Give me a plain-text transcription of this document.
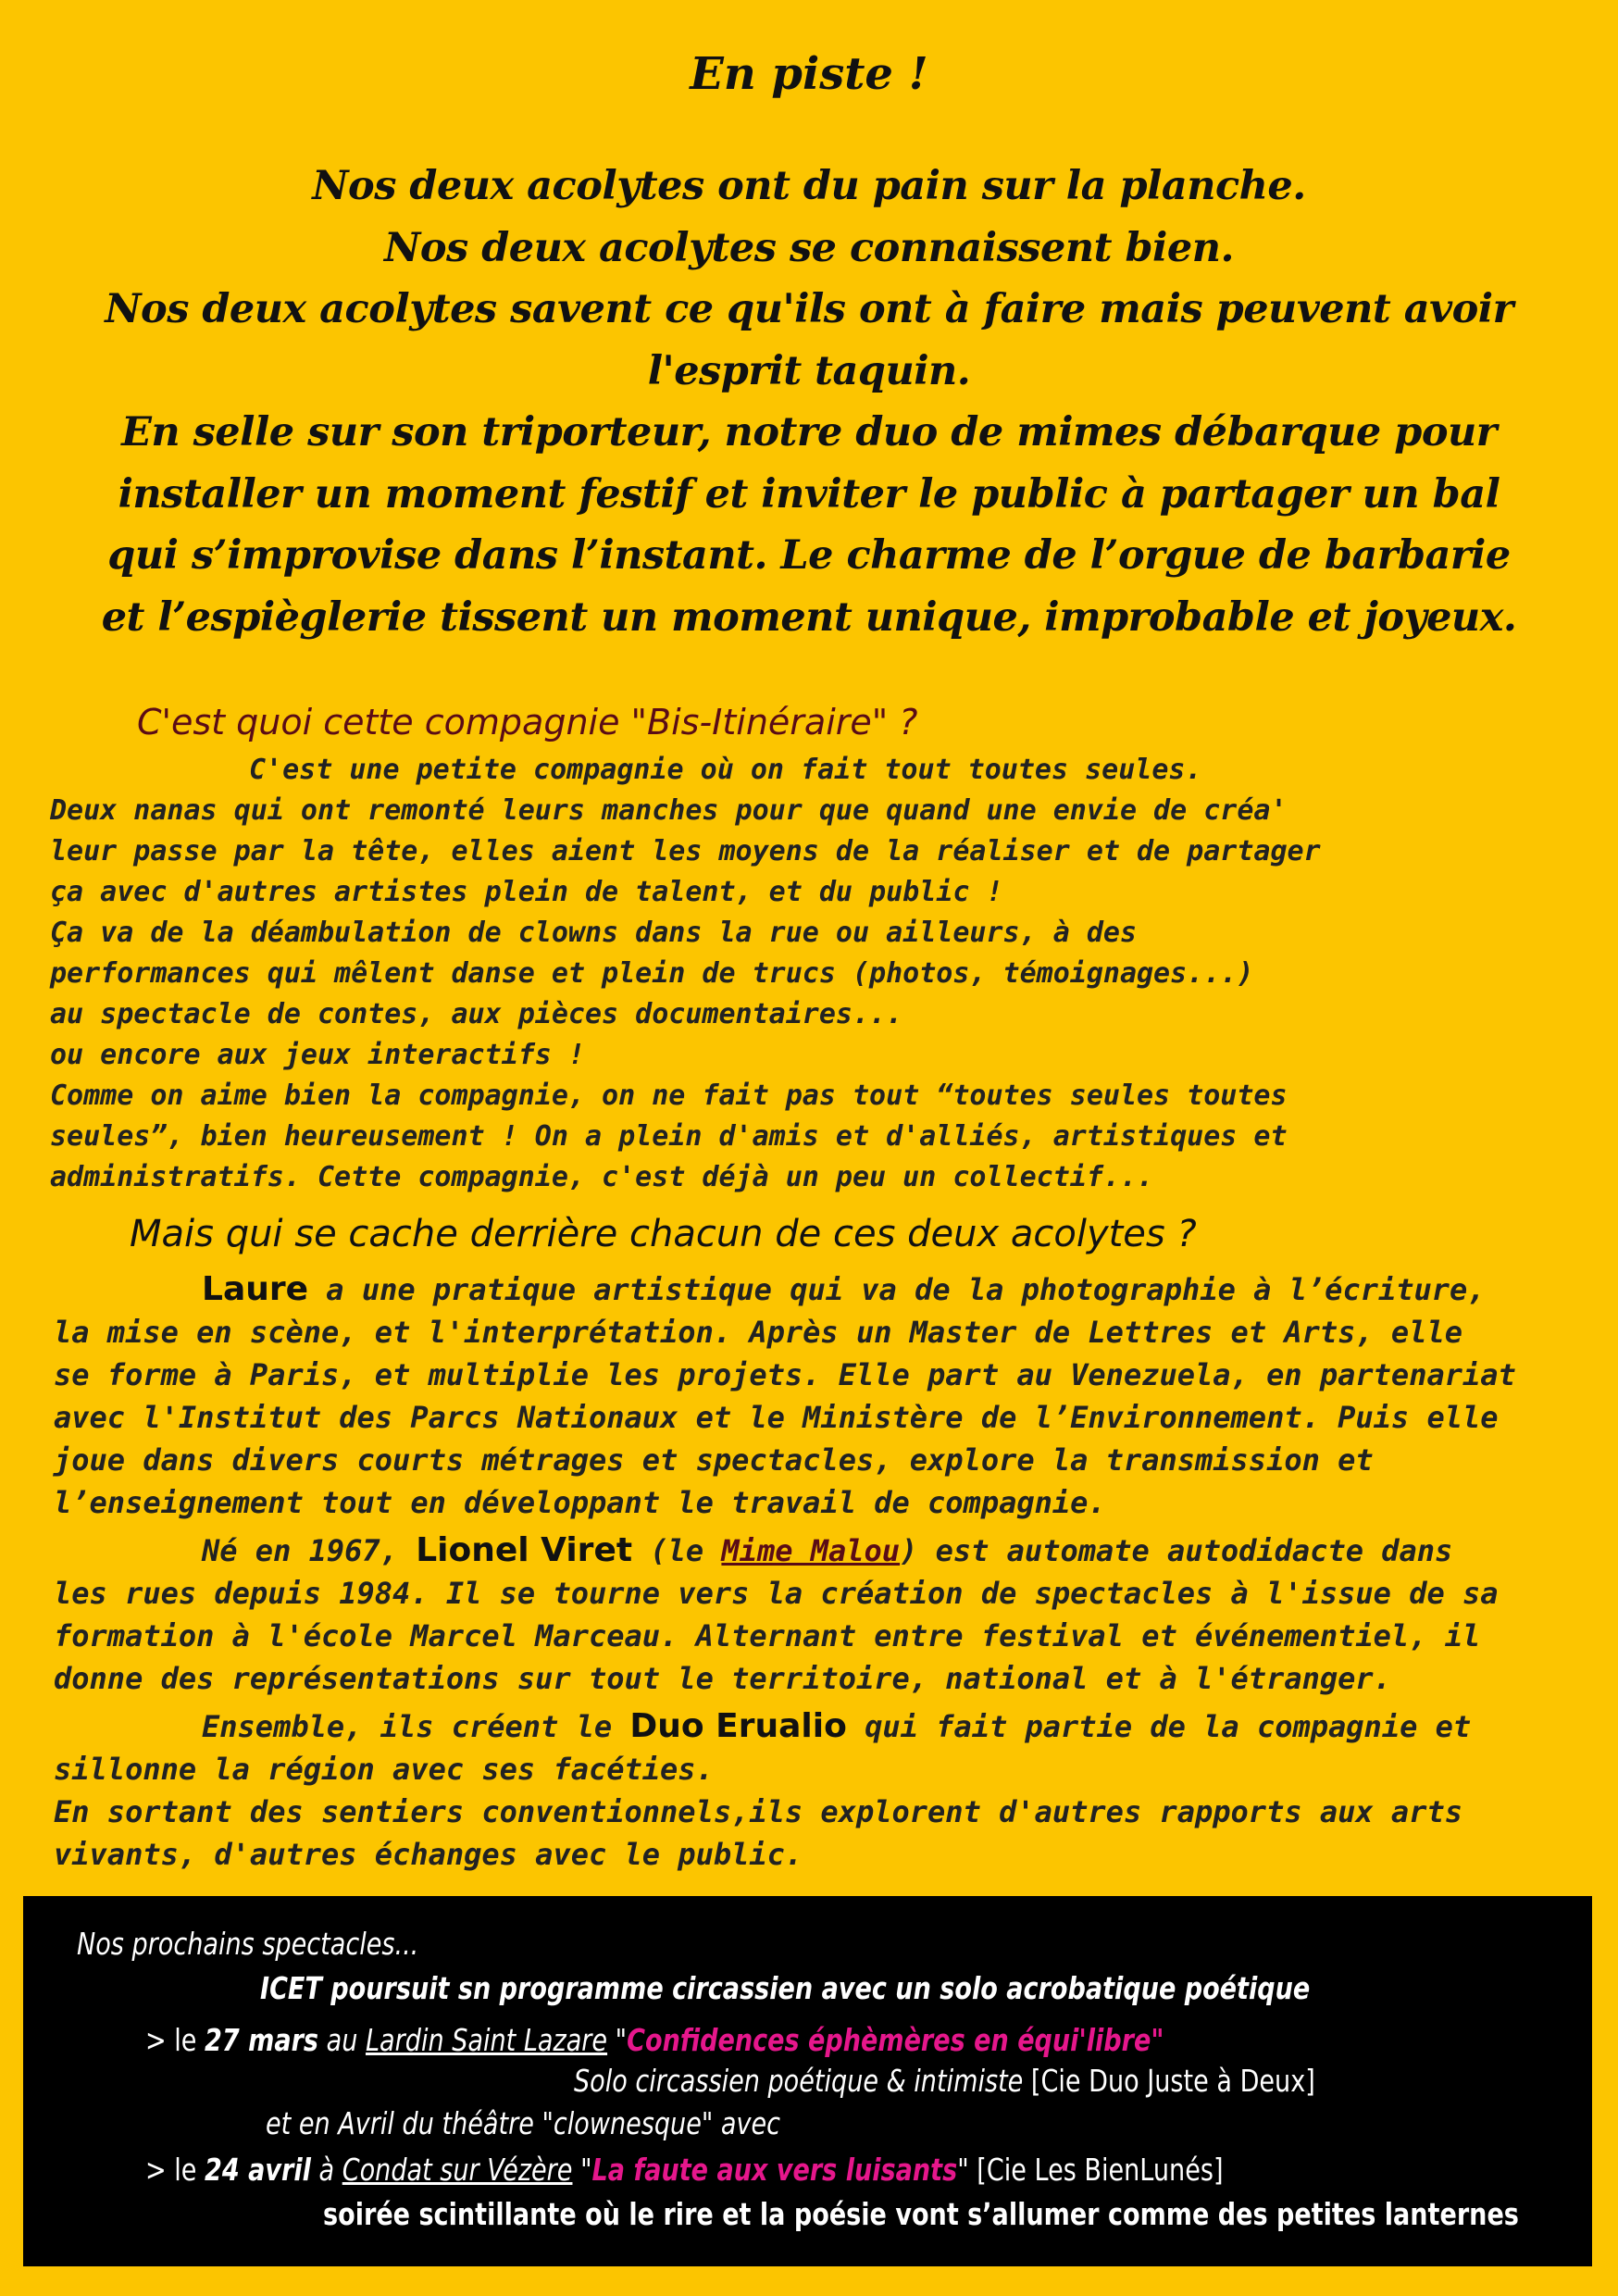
En piste !
Nos deux acolytes ont du pain sur la planche.
Nos deux acolytes se connaissent bien.
Nos deux acolytes savent ce qu'ils ont à faire mais peuvent avoir
l'esprit taquin.
En selle sur son triporteur, notre duo de mimes débarque pour
installer un moment festif et inviter le public à partager un bal
qui s’improvise dans l’instant. Le charme de l’orgue de barbarie
et l’espièglerie tissent un moment unique, improbable et joyeux.
C'est quoi cette compagnie "Bis-Itinéraire" ?
C'est une petite compagnie où on fait tout toutes seules.
Deux nanas qui ont remonté leurs manches pour que quand une envie de créa'
leur passe par la tête, elles aient les moyens de la réaliser et de partager
ça avec d'autres artistes plein de talent, et du public !
Ça va de la déambulation de clowns dans la rue ou ailleurs, à des
performances qui mêlent danse et plein de trucs (photos, témoignages...)
au spectacle de contes, aux pièces documentaires...
ou encore aux jeux interactifs !
Comme on aime bien la compagnie, on ne fait pas tout “toutes seules toutes
seules”, bien heureusement ! On a plein d'amis et d'alliés, artistiques et
administratifs. Cette compagnie, c'est déjà un peu un collectif...
Mais qui se cache derrière chacun de ces deux acolytes ?
Laure a une pratique artistique qui va de la photographie à l’écriture,
la mise en scène, et l'interprétation. Après un Master de Lettres et Arts, elle
se forme à Paris, et multiplie les projets. Elle part au Venezuela, en partenariat
avec l'Institut des Parcs Nationaux et le Ministère de l’Environnement. Puis elle
joue dans divers courts métrages et spectacles, explore la transmission et
l’enseignement tout en développant le travail de compagnie.
Né en 1967, Lionel Viret (le Mime Malou) est automate autodidacte dans
les rues depuis 1984. Il se tourne vers la création de spectacles à l'issue de sa
formation à l'école Marcel Marceau. Alternant entre festival et événementiel, il
donne des représentations sur tout le territoire, national et à l'étranger.
Ensemble, ils créent le Duo Erualio qui fait partie de la compagnie et
sillonne la région avec ses facéties.
En sortant des sentiers conventionnels,ils explorent d'autres rapports aux arts
vivants, d'autres échanges avec le public.
Nos prochains spectacles...
ICET poursuit sn programme circassien avec un solo acrobatique poétique
> le 27 mars au Lardin Saint Lazare "Confidences éphèmères en équi'libre"
Solo circassien poétique & intimiste [Cie Duo Juste à Deux]
et en Avril du théâtre "clownesque" avec
> le 24 avril à Condat sur Vézère "La faute aux vers luisants" [Cie Les BienLunés]
soirée scintillante où le rire et la poésie vont s’allumer comme des petites lanternes
